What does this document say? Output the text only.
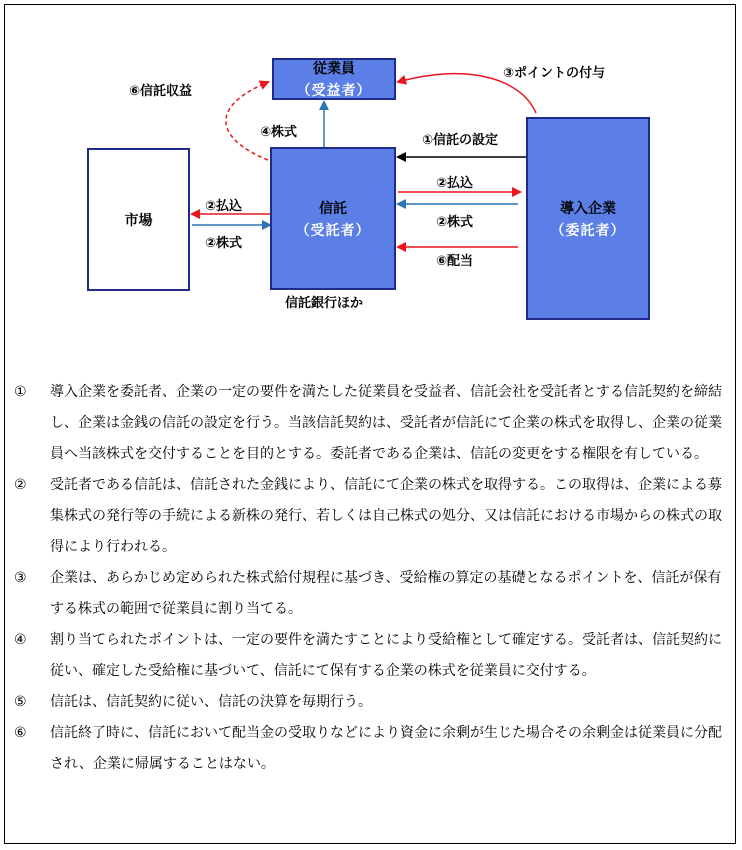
従業員
（受益者）
信託
（受託者）
導入企業
（委託者）
市場
信託銀行ほか
⑥信託収益
③ポイントの付与
④株式
①信託の設定
②払込
②株式
⑥配当
②払込
②株式
①	導入企業を委託者、企業の一定の要件を満たした従業員を受益者、信託会社を受託者とする信託契約を締結し、企業は金銭の信託の設定を行う。当該信託契約は、受託者が信託にて企業の株式を取得し、企業の従業員へ当該株式を交付することを目的とする。委託者である企業は、信託の変更をする権限を有している。
②	受託者である信託は、信託された金銭により、信託にて企業の株式を取得する。この取得は、企業による募集株式の発行等の手続による新株の発行、若しくは自己株式の処分、又は信託における市場からの株式の取得により行われる。
③	企業は、あらかじめ定められた株式給付規程に基づき、受給権の算定の基礎となるポイントを、信託が保有する株式の範囲で従業員に割り当てる。
④	割り当てられたポイントは、一定の要件を満たすことにより受給権として確定する。受託者は、信託契約に従い、確定した受給権に基づいて、信託にて保有する企業の株式を従業員に交付する。
⑤	信託は、信託契約に従い、信託の決算を毎期行う。
⑥	信託終了時に、信託において配当金の受取りなどにより資金に余剰が生じた場合その余剰金は従業員に分配され、企業に帰属することはない。
